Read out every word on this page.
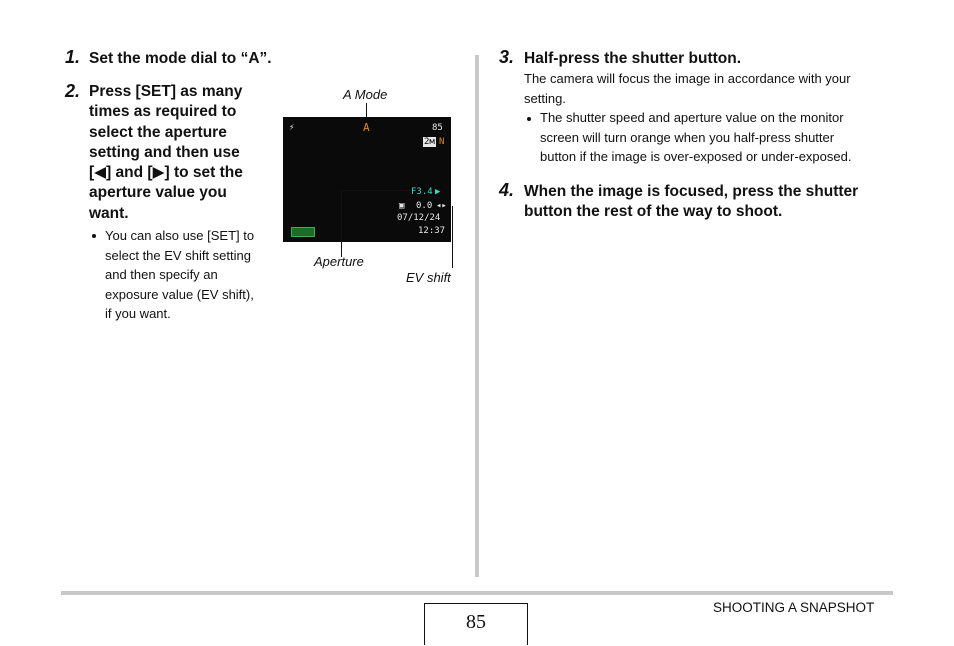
1. Set the mode dial to “A”.
2. Press [SET] as many
times as required to
select the aperture
setting and then use
[◀] and [▶] to set the
aperture value you
want.
You can also use [SET] to
select the EV shift setting
and then specify an
exposure value (EV shift),
if you want.
A Mode
⚡	A	85
2м N
F3.4 ▶
▣ 0.0 ◂▸
07/12/24
12:37
Aperture
EV shift
3. Half-press the shutter button.
The camera will focus the image in accordance with your
setting.
The shutter speed and aperture value on the monitor
screen will turn orange when you half-press shutter
button if the image is over-exposed or under-exposed.
4. When the image is focused, press the shutter
button the rest of the way to shoot.
85
SHOOTING A SNAPSHOT
